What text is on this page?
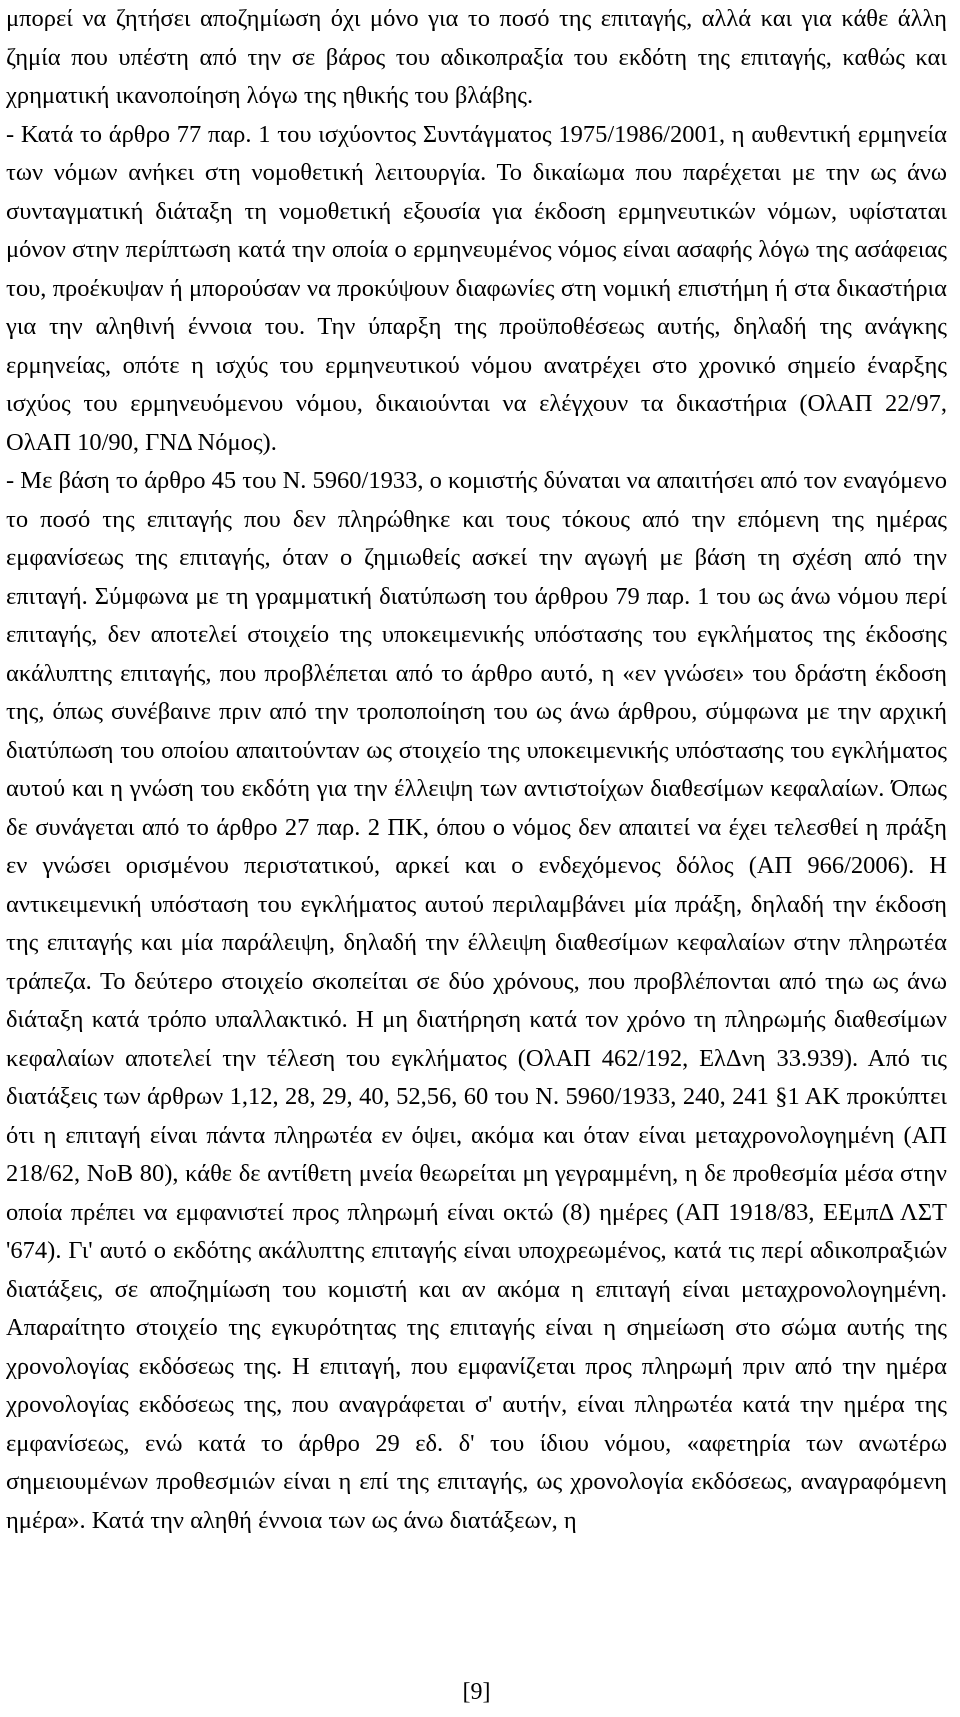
μπορεί να ζητήσει αποζημίωση όχι μόνο για το ποσό της επιταγής, αλλά και για κάθε άλλη ζημία που υπέστη από την σε βάρος του αδικοπραξία του εκδότη της επιταγής, καθώς και χρηματική ικανοποίηση λόγω της ηθικής του βλάβης.

- Κατά το άρθρο 77 παρ. 1 του ισχύοντος Συντάγματος 1975/1986/2001, η αυθεντική ερμηνεία των νόμων ανήκει στη νομοθετική λειτουργία. Το δικαίωμα που παρέχεται με την ως άνω συνταγματική διάταξη τη νομοθετική εξουσία για έκδοση ερμηνευτικών νόμων, υφίσταται μόνον στην περίπτωση κατά την οποία ο ερμηνευμένος νόμος είναι ασαφής λόγω της ασάφειας του, προέκυψαν ή μπορούσαν να προκύψουν διαφωνίες στη νομική επιστήμη ή στα δικαστήρια για την αληθινή έννοια του. Την ύπαρξη της προϋποθέσεως αυτής, δηλαδή της ανάγκης ερμηνείας, οπότε η ισχύς του ερμηνευτικού νόμου ανατρέχει στο χρονικό σημείο έναρξης ισχύος του ερμηνευόμενου νόμου, δικαιούνται να ελέγχουν τα δικαστήρια (ΟλΑΠ 22/97, ΟλΑΠ 10/90, ΓΝΔ Νόμος).

- Με βάση το άρθρο 45 του Ν. 5960/1933, ο κομιστής δύναται να απαιτήσει από τον εναγόμενο το ποσό της επιταγής που δεν πληρώθηκε και τους τόκους από την επόμενη της ημέρας εμφανίσεως της επιταγής, όταν ο ζημιωθείς ασκεί την αγωγή με βάση τη σχέση από την επιταγή. Σύμφωνα με τη γραμματική διατύπωση του άρθρου 79 παρ. 1 του ως άνω νόμου περί επιταγής, δεν αποτελεί στοιχείο της υποκειμενικής υπόστασης του εγκλήματος της έκδοσης ακάλυπτης επιταγής, που προβλέπεται από το άρθρο αυτό, η «εν γνώσει» του δράστη έκδοση της, όπως συνέβαινε πριν από την τροποποίηση του ως άνω άρθρου, σύμφωνα με την αρχική διατύπωση του οποίου απαιτούνταν ως στοιχείο της υποκειμενικής υπόστασης του εγκλήματος αυτού και η γνώση του εκδότη για την έλλειψη των αντιστοίχων διαθεσίμων κεφαλαίων. Όπως δε συνάγεται από το άρθρο 27 παρ. 2 ΠΚ, όπου ο νόμος δεν απαιτεί να έχει τελεσθεί η πράξη εν γνώσει ορισμένου περιστατικού, αρκεί και ο ενδεχόμενος δόλος (ΑΠ 966/2006). Η αντικειμενική υπόσταση του εγκλήματος αυτού περιλαμβάνει μία πράξη, δηλαδή την έκδοση της επιταγής και μία παράλειψη, δηλαδή την έλλειψη διαθεσίμων κεφαλαίων στην πληρωτέα τράπεζα. Το δεύτερο στοιχείο σκοπείται σε δύο χρόνους, που προβλέπονται από τηω ως άνω διάταξη κατά τρόπο υπαλλακτικό. Η μη διατήρηση κατά τον χρόνο τη πληρωμής διαθεσίμων κεφαλαίων αποτελεί την τέλεση του εγκλήματος (ΟλΑΠ 462/192, ΕλΔνη 33.939). Από τις διατάξεις των άρθρων 1,12, 28, 29, 40, 52,56, 60 του Ν. 5960/1933, 240, 241 §1 ΑΚ προκύπτει ότι η επιταγή είναι πάντα πληρωτέα εν όψει, ακόμα και όταν είναι μεταχρονολογημένη (ΑΠ 218/62, ΝοΒ 80), κάθε δε αντίθετη μνεία θεωρείται μη γεγραμμένη, η δε προθεσμία μέσα στην οποία πρέπει να εμφανιστεί προς πληρωμή είναι οκτώ (8) ημέρες (ΑΠ 1918/83, ΕΕμπΔ ΛΣΤ '674). Γι' αυτό ο εκδότης ακάλυπτης επιταγής είναι υποχρεωμένος, κατά τις περί αδικοπραξιών διατάξεις, σε αποζημίωση του κομιστή και αν ακόμα η επιταγή είναι μεταχρονολογημένη. Απαραίτητο στοιχείο της εγκυρότητας της επιταγής είναι η σημείωση στο σώμα αυτής της χρονολογίας εκδόσεως της. Η επιταγή, που εμφανίζεται προς πληρωμή πριν από την ημέρα χρονολογίας εκδόσεως της, που αναγράφεται σ' αυτήν, είναι πληρωτέα κατά την ημέρα της εμφανίσεως, ενώ κατά το άρθρο 29 εδ. δ' του ίδιου νόμου, «αφετηρία των ανωτέρω σημειουμένων προθεσμιών είναι η επί της επιταγής, ως χρονολογία εκδόσεως, αναγραφόμενη ημέρα». Κατά την αληθή έννοια των ως άνω διατάξεων, η

[9]
